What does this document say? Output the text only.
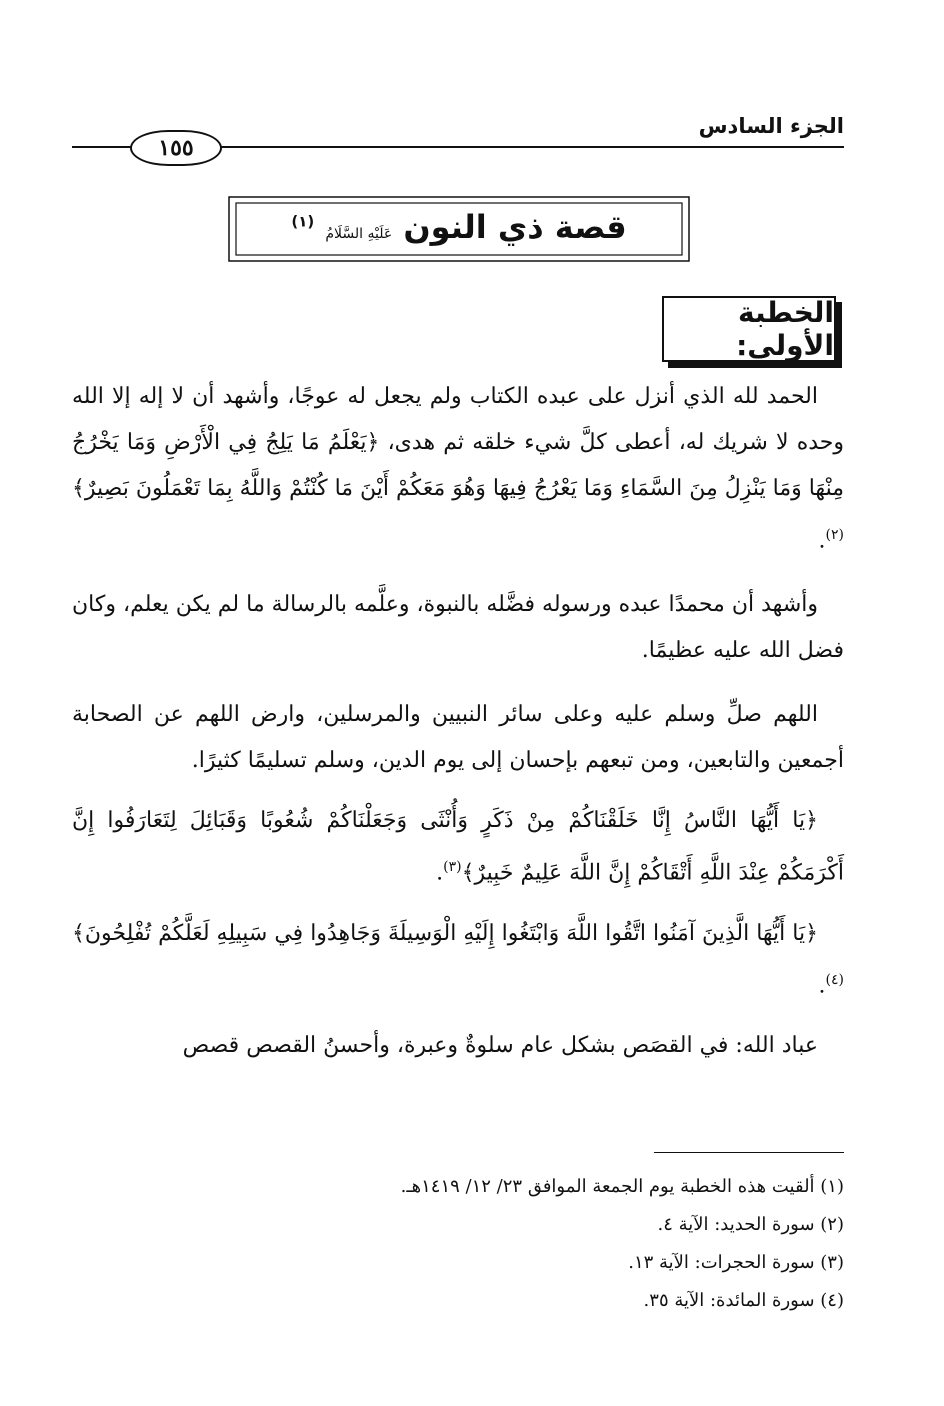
الجزء السادس
١٥٥
قصة ذي النون عَلَيْهِ السَّلَامُ $^{(١)}$
الخطبة الأولى:

الحمد لله الذي أنزل على عبده الكتاب ولم يجعل له عوجًا، وأشهد أن لا إله إلا الله وحده لا شريك له، أعطى كلَّ شيء خلقه ثم هدى، ﴿يَعْلَمُ مَا يَلِجُ فِي الْأَرْضِ وَمَا يَخْرُجُ مِنْهَا وَمَا يَنْزِلُ مِنَ السَّمَاءِ وَمَا يَعْرُجُ فِيهَا وَهُوَ مَعَكُمْ أَيْنَ مَا كُنْتُمْ وَاللَّهُ بِمَا تَعْمَلُونَ بَصِيرٌ﴾$^{(٢)}$.

وأشهد أن محمدًا عبده ورسوله فضَّله بالنبوة، وعلَّمه بالرسالة ما لم يكن يعلم، وكان فضل الله عليه عظيمًا.

اللهم صلِّ وسلم عليه وعلى سائر النبيين والمرسلين، وارض اللهم عن الصحابة أجمعين والتابعين، ومن تبعهم بإحسان إلى يوم الدين، وسلم تسليمًا كثيرًا.

﴿يَا أَيُّهَا النَّاسُ إِنَّا خَلَقْنَاكُمْ مِنْ ذَكَرٍ وَأُنْثَى وَجَعَلْنَاكُمْ شُعُوبًا وَقَبَائِلَ لِتَعَارَفُوا إِنَّ أَكْرَمَكُمْ عِنْدَ اللَّهِ أَتْقَاكُمْ إِنَّ اللَّهَ عَلِيمٌ خَبِيرٌ﴾$^{(٣)}$.

﴿يَا أَيُّهَا الَّذِينَ آمَنُوا اتَّقُوا اللَّهَ وَابْتَغُوا إِلَيْهِ الْوَسِيلَةَ وَجَاهِدُوا فِي سَبِيلِهِ لَعَلَّكُمْ تُفْلِحُونَ﴾$^{(٤)}$.

عباد الله: في القصَص بشكل عام سلوةٌ وعبرة، وأحسنُ القصص قصص

(١) ألقيت هذه الخطبة يوم الجمعة الموافق ٢٣/ ١٢/ ١٤١٩هـ.
(٢) سورة الحديد: الآية ٤.
(٣) سورة الحجرات: الآية ١٣.
(٤) سورة المائدة: الآية ٣٥.
